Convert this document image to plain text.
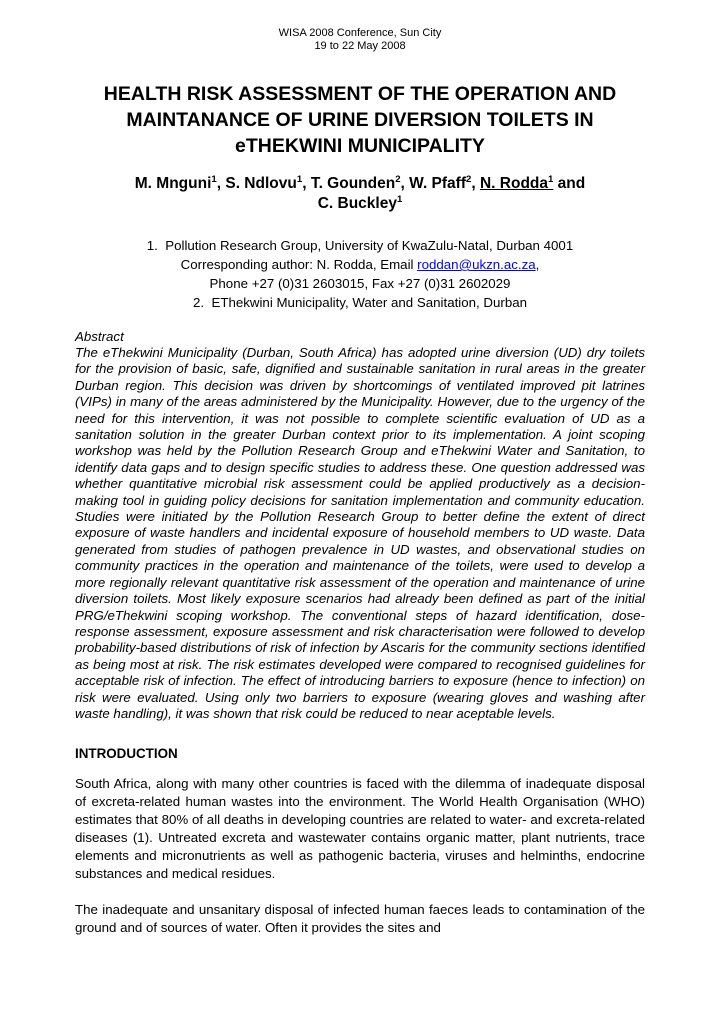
WISA 2008 Conference, Sun City
19 to 22 May 2008
HEALTH RISK ASSESSMENT OF THE OPERATION AND
MAINTANANCE OF URINE DIVERSION TOILETS IN
eTHEKWINI MUNICIPALITY
M. Mnguni$^1$, S. Ndlovu$^1$, T. Gounden$^2$, W. Pfaff$^2$, N. Rodda$^1$ and
C. Buckley$^1$
1.  Pollution Research Group, University of KwaZulu-Natal, Durban 4001
Corresponding author: N. Rodda, Email roddan@ukzn.ac.za,
Phone +27 (0)31 2603015, Fax +27 (0)31 2602029
2.  EThekwini Municipality, Water and Sanitation, Durban
Abstract

The eThekwini Municipality (Durban, South Africa) has adopted urine diversion (UD) dry toilets for the provision of basic, safe, dignified and sustainable sanitation in rural areas in the greater Durban region. This decision was driven by shortcomings of ventilated improved pit latrines (VIPs) in many of the areas administered by the Municipality. However, due to the urgency of the need for this intervention, it was not possible to complete scientific evaluation of UD as a sanitation solution in the greater Durban context prior to its implementation. A joint scoping workshop was held by the Pollution Research Group and eThekwini Water and Sanitation, to identify data gaps and to design specific studies to address these. One question addressed was whether quantitative microbial risk assessment could be applied productively as a decision-making tool in guiding policy decisions for sanitation implementation and community education. Studies were initiated by the Pollution Research Group to better define the extent of direct exposure of waste handlers and incidental exposure of household members to UD waste. Data generated from studies of pathogen prevalence in UD wastes, and observational studies on community practices in the operation and maintenance of the toilets, were used to develop a more regionally relevant quantitative risk assessment of the operation and maintenance of urine diversion toilets. Most likely exposure scenarios had already been defined as part of the initial PRG/eThekwini scoping workshop. The conventional steps of hazard identification, dose-response assessment, exposure assessment and risk characterisation were followed to develop probability-based distributions of risk of infection by Ascaris for the community sections identified as being most at risk. The risk estimates developed were compared to recognised guidelines for acceptable risk of infection. The effect of introducing barriers to exposure (hence to infection) on risk were evaluated. Using only two barriers to exposure (wearing gloves and washing after waste handling), it was shown that risk could be reduced to near aceptable levels.

INTRODUCTION

South Africa, along with many other countries is faced with the dilemma of inadequate disposal of excreta-related human wastes into the environment. The World Health Organisation (WHO) estimates that 80% of all deaths in developing countries are related to water- and excreta-related diseases (1). Untreated excreta and wastewater contains organic matter, plant nutrients, trace elements and micronutrients as well as pathogenic bacteria, viruses and helminths, endocrine substances and medical residues.

The inadequate and unsanitary disposal of infected human faeces leads to contamination of the ground and of sources of water. Often it provides the sites and
